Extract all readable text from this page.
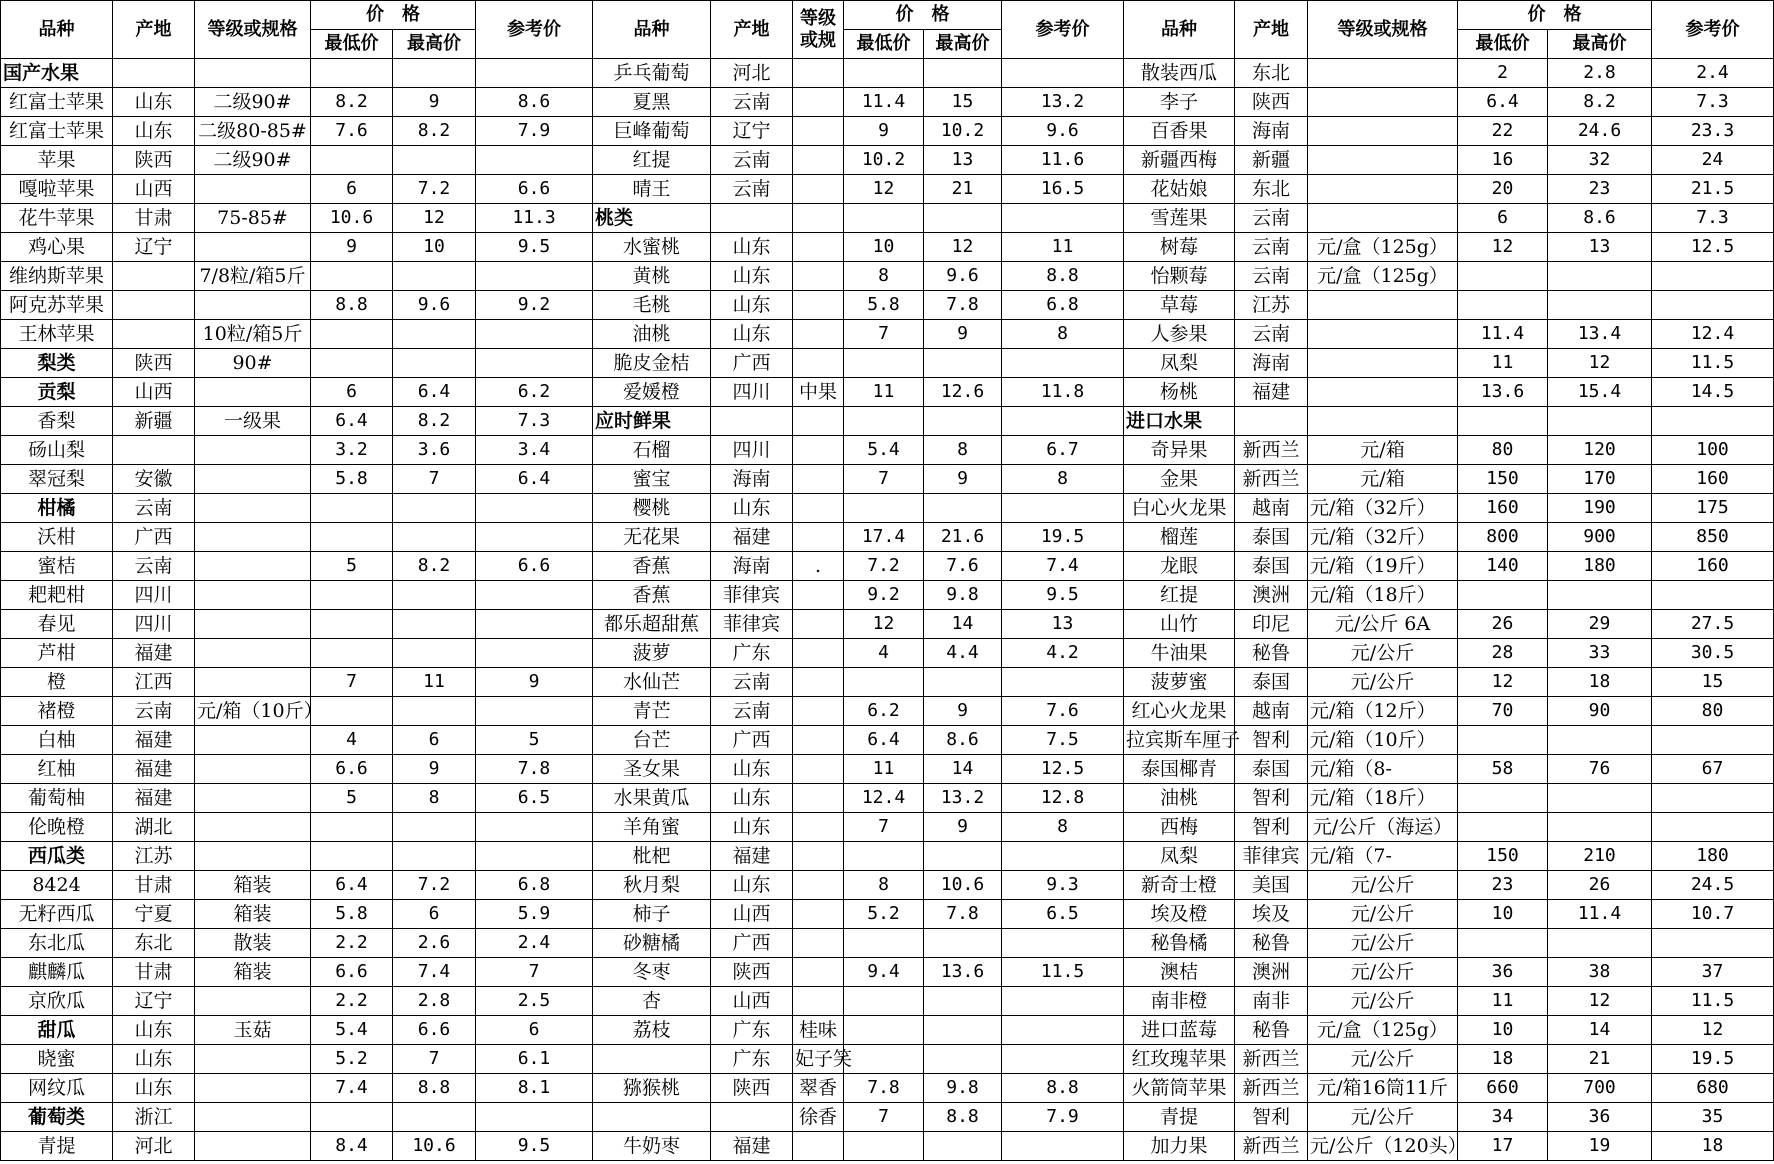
品种	产地	等级或规格	价　格		参考价	品种	产地	等级或规	价　格		参考价	品种	产地	等级或规格	价　格		参考价
			最低价	最高价					最低价	最高价					最低价	最高价	
国产水果						乒乓葡萄	河北					散装西瓜	东北		2	2.8	2.4
红富士苹果	山东	二级90#	8.2	9	8.6	夏黑	云南		11.4	15	13.2	李子	陕西		6.4	8.2	7.3
红富士苹果	山东	二级80-85#	7.6	8.2	7.9	巨峰葡萄	辽宁		9	10.2	9.6	百香果	海南		22	24.6	23.3
苹果	陕西	二级90#				红提	云南		10.2	13	11.6	新疆西梅	新疆		16	32	24
嘎啦苹果	山西		6	7.2	6.6	晴王	云南		12	21	16.5	花姑娘	东北		20	23	21.5
花牛苹果	甘肃	75-85#	10.6	12	11.3	桃类						雪莲果	云南		6	8.6	7.3
鸡心果	辽宁		9	10	9.5	水蜜桃	山东		10	12	11	树莓	云南	元/盒（125g）	12	13	12.5
维纳斯苹果		7/8粒/箱5斤				黄桃	山东		8	9.6	8.8	怡颗莓	云南	元/盒（125g）			
阿克苏苹果			8.8	9.6	9.2	毛桃	山东		5.8	7.8	6.8	草莓	江苏				
王林苹果		10粒/箱5斤				油桃	山东		7	9	8	人参果	云南		11.4	13.4	12.4
梨类	陕西	90#				脆皮金桔	广西					凤梨	海南		11	12	11.5
贡梨	山西		6	6.4	6.2	爱媛橙	四川	中果	11	12.6	11.8	杨桃	福建		13.6	15.4	14.5
香梨	新疆	一级果	6.4	8.2	7.3	应时鲜果						进口水果					
砀山梨			3.2	3.6	3.4	石榴	四川		5.4	8	6.7	奇异果	新西兰	元/箱	80	120	100
翠冠梨	安徽		5.8	7	6.4	蜜宝	海南		7	9	8	金果	新西兰	元/箱	150	170	160
柑橘	云南					樱桃	山东					白心火龙果	越南	元/箱（32斤）	160	190	175
沃柑	广西					无花果	福建		17.4	21.6	19.5	榴莲	泰国	元/箱（32斤）	800	900	850
蜜桔	云南		5	8.2	6.6	香蕉	海南	.	7.2	7.6	7.4	龙眼	泰国	元/箱（19斤）	140	180	160
耙耙柑	四川					香蕉	菲律宾		9.2	9.8	9.5	红提	澳洲	元/箱（18斤）			
春见	四川					都乐超甜蕉	菲律宾		12	14	13	山竹	印尼	元/公斤 6A	26	29	27.5
芦柑	福建					菠萝	广东		4	4.4	4.2	牛油果	秘鲁	元/公斤	28	33	30.5
橙	江西		7	11	9	水仙芒	云南					菠萝蜜	泰国	元/公斤	12	18	15
褚橙	云南	元/箱（10斤）				青芒	云南		6.2	9	7.6	红心火龙果	越南	元/箱（12斤）	70	90	80
白柚	福建		4	6	5	台芒	广西		6.4	8.6	7.5	拉宾斯车厘子	智利	元/箱（10斤）			
红柚	福建		6.6	9	7.8	圣女果	山东		11	14	12.5	泰国椰青	泰国	元/箱（8-	58	76	67
葡萄柚	福建		5	8	6.5	水果黄瓜	山东		12.4	13.2	12.8	油桃	智利	元/箱（18斤）			
伦晚橙	湖北					羊角蜜	山东		7	9	8	西梅	智利	元/公斤（海运）			
西瓜类	江苏					枇杷	福建					凤梨	菲律宾	元/箱（7-	150	210	180
8424	甘肃	箱装	6.4	7.2	6.8	秋月梨	山东		8	10.6	9.3	新奇士橙	美国	元/公斤	23	26	24.5
无籽西瓜	宁夏	箱装	5.8	6	5.9	柿子	山西		5.2	7.8	6.5	埃及橙	埃及	元/公斤	10	11.4	10.7
东北瓜	东北	散装	2.2	2.6	2.4	砂糖橘	广西					秘鲁橘	秘鲁	元/公斤			
麒麟瓜	甘肃	箱装	6.6	7.4	7	冬枣	陕西		9.4	13.6	11.5	澳桔	澳洲	元/公斤	36	38	37
京欣瓜	辽宁		2.2	2.8	2.5	杏	山西					南非橙	南非	元/公斤	11	12	11.5
甜瓜	山东	玉菇	5.4	6.6	6	荔枝	广东	桂味				进口蓝莓	秘鲁	元/盒（125g）	10	14	12
晓蜜	山东		5.2	7	6.1		广东	妃子笑				红玫瑰苹果	新西兰	元/公斤	18	21	19.5
网纹瓜	山东		7.4	8.8	8.1	猕猴桃	陕西	翠香	7.8	9.8	8.8	火箭筒苹果	新西兰	元/箱16筒11斤	660	700	680
葡萄类	浙江							徐香	7	8.8	7.9	青提	智利	元/公斤	34	36	35
青提	河北		8.4	10.6	9.5	牛奶枣	福建					加力果	新西兰	元/公斤（120头）	17	19	18
